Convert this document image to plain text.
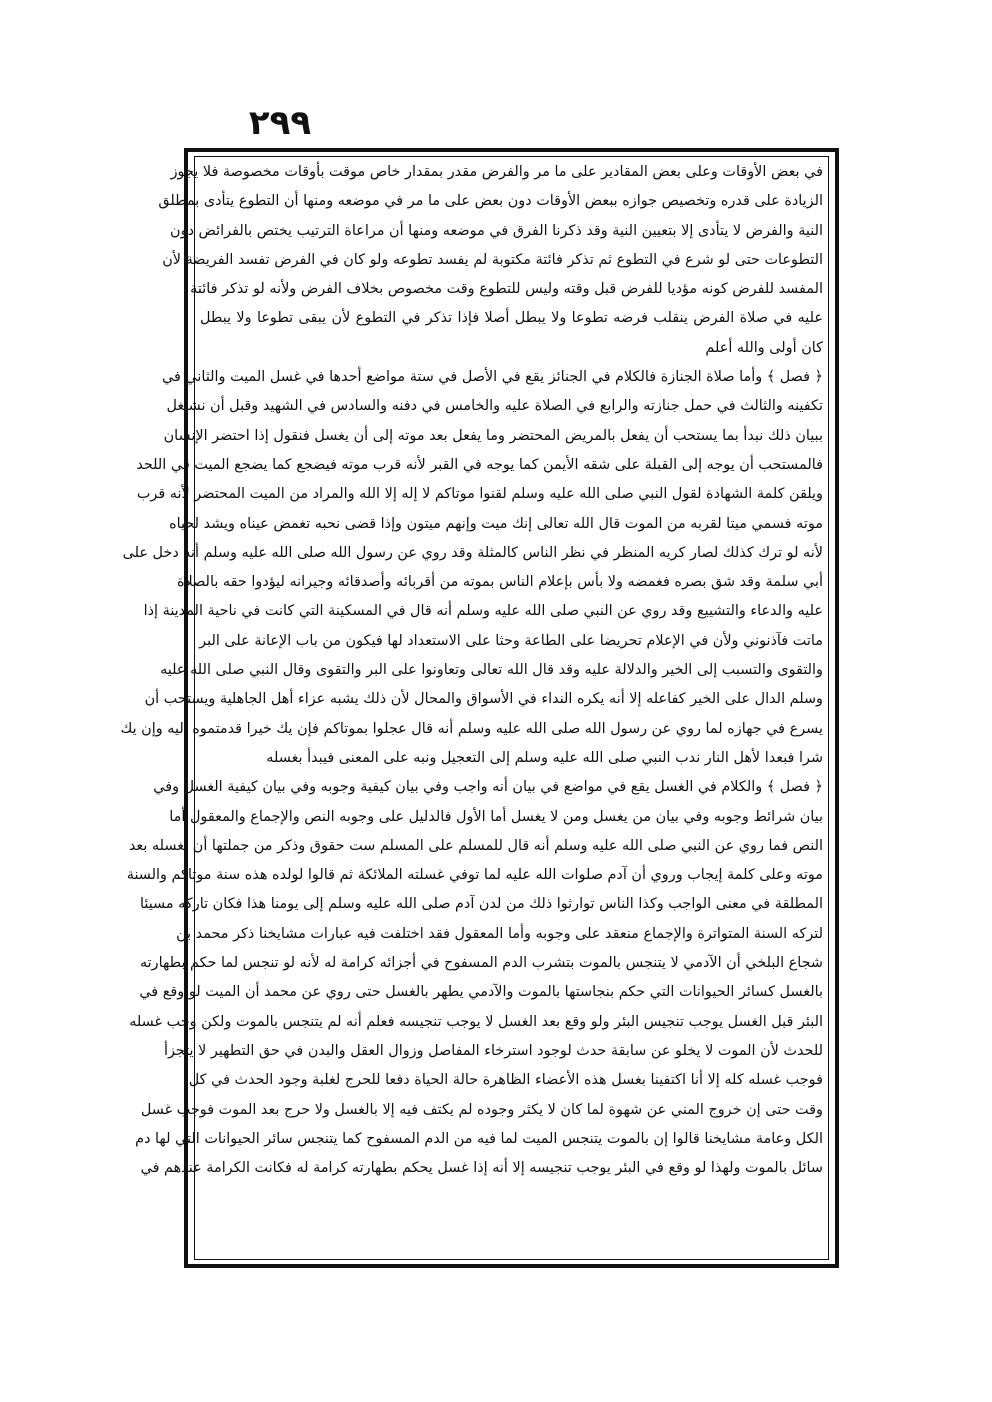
٢٩٩
في بعض الأوقات وعلى بعض المقادير على ما مر والفرض مقدر بمقدار خاص موقت بأوقات مخصوصة فلا يجوز
الزيادة على قدره وتخصيص جوازه ببعض الأوقات دون بعض على ما مر في موضعه ومنها أن التطوع يتأدى بمطلق
النية والفرض لا يتأدى إلا بتعيين النية وقد ذكرنا الفرق في موضعه ومنها أن مراعاة الترتيب يختص بالفرائض دون
التطوعات حتى لو شرع في التطوع ثم تذكر فائتة مكتوبة لم يفسد تطوعه ولو كان في الفرض تفسد الفريضة لأن
المفسد للفرض كونه مؤديا للفرض قبل وقته وليس للتطوع وقت مخصوص بخلاف الفرض ولأنه لو تذكر فائتة
عليه في صلاة الفرض ينقلب فرضه تطوعا ولا يبطل أصلا فإذا تذكر في التطوع لأن يبقى تطوعا ولا يبطل
كان أولى والله أعلم
﴿ فصل ﴾ وأما صلاة الجنازة فالكلام في الجنائز يقع في الأصل في ستة مواضع أحدها في غسل الميت والثاني في
تكفينه والثالث في حمل جنازته والرابع في الصلاة عليه والخامس في دفنه والسادس في الشهيد وقبل أن نشتغل
ببيان ذلك نبدأ بما يستحب أن يفعل بالمريض المحتضر وما يفعل بعد موته إلى أن يغسل فنقول إذا احتضر الإنسان
فالمستحب أن يوجه إلى القبلة على شقه الأيمن كما يوجه في القبر لأنه قرب موته فيضجع كما يضجع الميت في اللحد
ويلقن كلمة الشهادة لقول النبي صلى الله عليه وسلم لقنوا موتاكم لا إله إلا الله والمراد من الميت المحتضر لأنه قرب
موته فسمي ميتا لقربه من الموت قال الله تعالى إنك ميت وإنهم ميتون وإذا قضى نحبه تغمض عيناه ويشد لحياه
لأنه لو ترك كذلك لصار كريه المنظر في نظر الناس كالمثلة وقد روي عن رسول الله صلى الله عليه وسلم أنه دخل على
أبي سلمة وقد شق بصره فغمضه ولا بأس بإعلام الناس بموته من أقربائه وأصدقائه وجيرانه ليؤدوا حقه بالصلاة
عليه والدعاء والتشييع وقد روي عن النبي صلى الله عليه وسلم أنه قال في المسكينة التي كانت في ناحية المدينة إذا
ماتت فآذنوني ولأن في الإعلام تحريضا على الطاعة وحثا على الاستعداد لها فيكون من باب الإعانة على البر
والتقوى والتسبب إلى الخير والدلالة عليه وقد قال الله تعالى وتعاونوا على البر والتقوى وقال النبي صلى الله عليه
وسلم الدال على الخير كفاعله إلا أنه يكره النداء في الأسواق والمحال لأن ذلك يشبه عزاء أهل الجاهلية ويستحب أن
يسرع في جهازه لما روي عن رسول الله صلى الله عليه وسلم أنه قال عجلوا بموتاكم فإن يك خيرا قدمتموه إليه وإن يك
شرا فبعدا لأهل النار ندب النبي صلى الله عليه وسلم إلى التعجيل ونبه على المعنى فيبدأ بغسله
﴿ فصل ﴾ والكلام في الغسل يقع في مواضع في بيان أنه واجب وفي بيان كيفية وجوبه وفي بيان كيفية الغسل وفي
بيان شرائط وجوبه وفي بيان من يغسل ومن لا يغسل أما الأول فالدليل على وجوبه النص والإجماع والمعقول أما
النص فما روي عن النبي صلى الله عليه وسلم أنه قال للمسلم على المسلم ست حقوق وذكر من جملتها أن يغسله بعد
موته وعلى كلمة إيجاب وروي أن آدم صلوات الله عليه لما توفي غسلته الملائكة ثم قالوا لولده هذه سنة موتاكم والسنة
المطلقة في معنى الواجب وكذا الناس توارثوا ذلك من لدن آدم صلى الله عليه وسلم إلى يومنا هذا فكان تاركه مسيئا
لتركه السنة المتواترة والإجماع منعقد على وجوبه وأما المعقول فقد اختلفت فيه عبارات مشايخنا ذكر محمد بن
شجاع البلخي أن الآدمي لا يتنجس بالموت بتشرب الدم المسفوح في أجزائه كرامة له لأنه لو تنجس لما حكم بطهارته
بالغسل كسائر الحيوانات التي حكم بنجاستها بالموت والآدمي يطهر بالغسل حتى روي عن محمد أن الميت لو وقع في
البئر قبل الغسل يوجب تنجيس البئر ولو وقع بعد الغسل لا يوجب تنجيسه فعلم أنه لم يتنجس بالموت ولكن وجب غسله
للحدث لأن الموت لا يخلو عن سابقة حدث لوجود استرخاء المفاصل وزوال العقل والبدن في حق التطهير لا يتجزأ
فوجب غسله كله إلا أنا اكتفينا بغسل هذه الأعضاء الظاهرة حالة الحياة دفعا للحرج لغلبة وجود الحدث في كل
وقت حتى إن خروج المني عن شهوة لما كان لا يكثر وجوده لم يكتف فيه إلا بالغسل ولا حرج بعد الموت فوجب غسل
الكل وعامة مشايخنا قالوا إن بالموت يتنجس الميت لما فيه من الدم المسفوح كما يتنجس سائر الحيوانات التي لها دم
سائل بالموت ولهذا لو وقع في البئر يوجب تنجيسه إلا أنه إذا غسل يحكم بطهارته كرامة له فكانت الكرامة عندهم في
